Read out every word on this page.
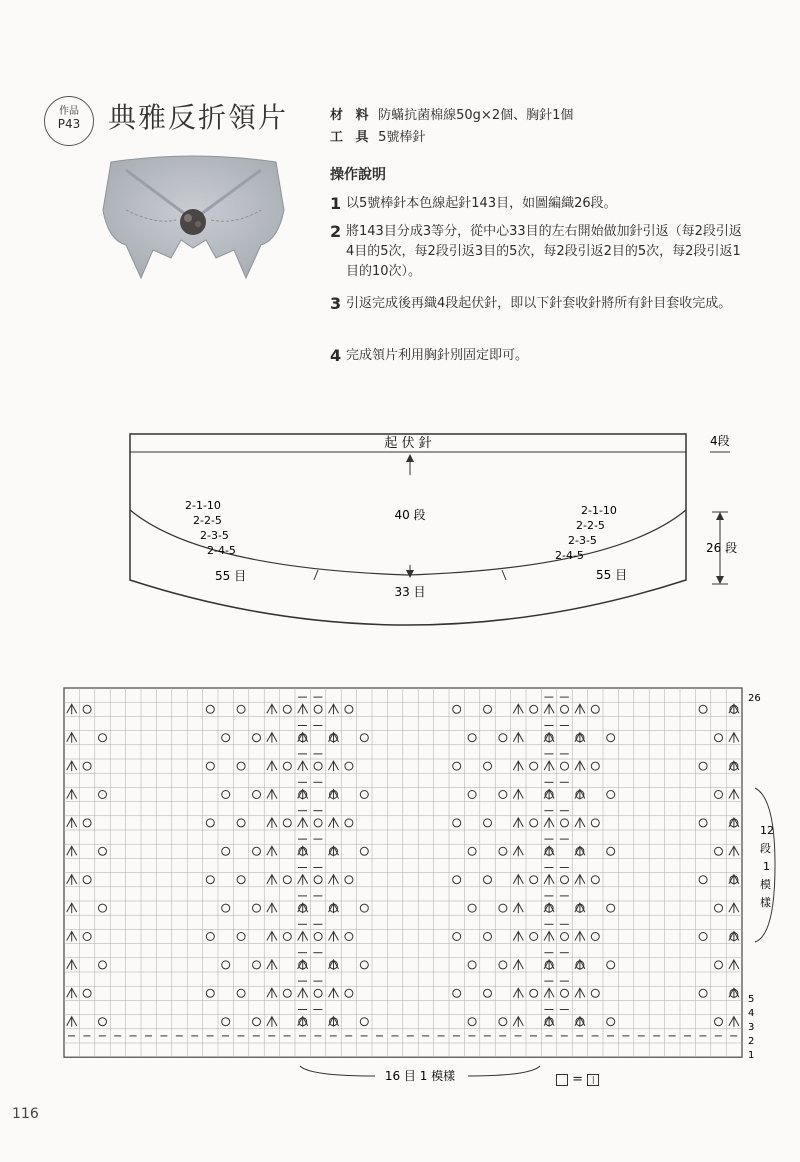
作品
P43 典雅反折領片	材 料 防蟎抗菌棉線50g×2個、胸針1個
工 具 5號棒針
操作說明
1 以5號棒針本色線起針143目，如圖編織26段。
2 將143目分成3等分，從中心33目的左右開始做加針引返（每2段引返4目的5次，每2段引返3目的5次，每2段引返2目的5次，每2段引返1目的10次）。
3 引返完成後再織4段起伏針，即以下針套收針將所有針目套收完成。
4 完成領片利用胸針別固定即可。
起 伏 針	4段
40 段
26 段
2-1-10
2-2-5
2-3-5
2-4-5
2-1-10
2-2-5
2-3-5
2-4-5
55 目	55 目
33 目
26
12
段
1
模
樣
5
4
3
2
1
16 目 1 模樣	= |
116
